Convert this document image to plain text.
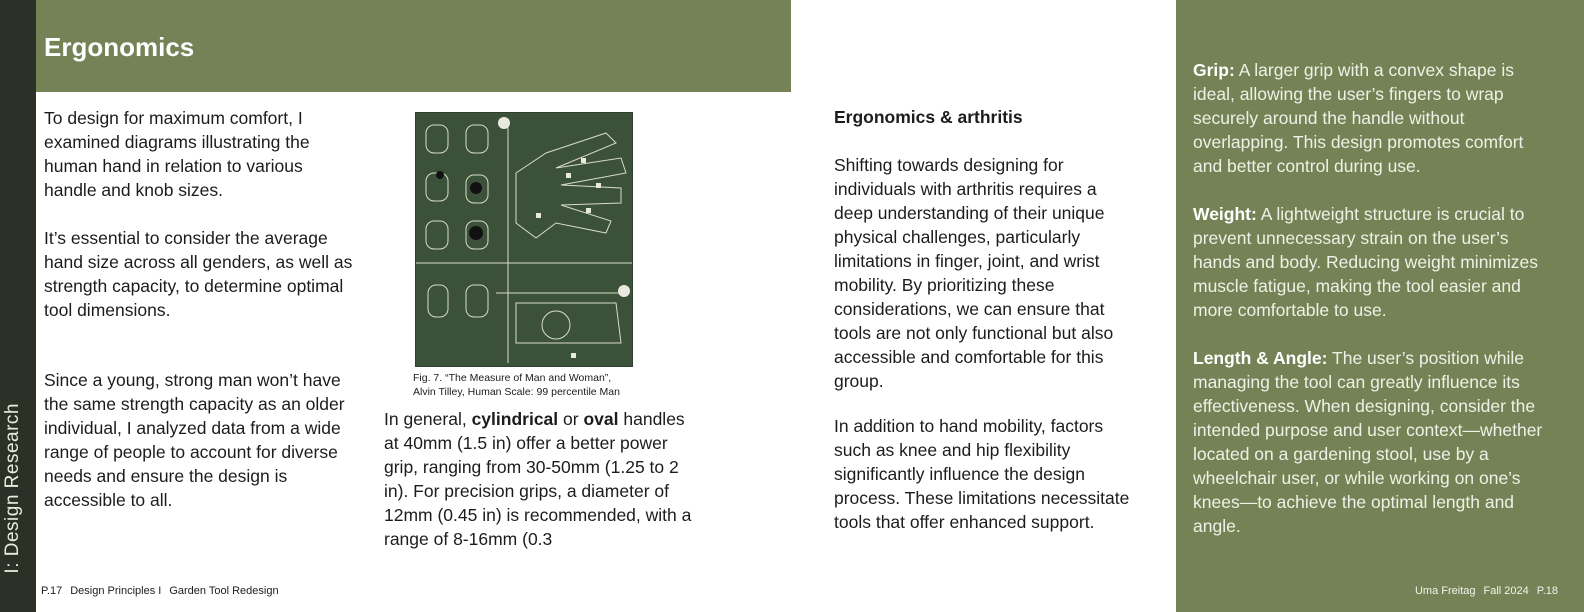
I: Design Research
Ergonomics
To design for maximum comfort, I examined diagrams illustrating the human hand in relation to various handle and knob sizes.
It’s essential to consider the average hand size across all genders, as well as strength capacity, to determine optimal tool dimensions.
Since a young, strong man won’t have the same strength capacity as an older individual, I analyzed data from a wide range of people to account for diverse needs and ensure the design is accessible to all.
Fig. 7. “The Measure of Man and Woman”,
Alvin Tilley, Human Scale: 99 percentile Man
In general, cylindrical or oval handles at 40mm (1.5 in) offer a better power grip, ranging from 30-50mm (1.25 to 2 in). For precision grips, a diameter of 12mm (0.45 in) is recommended, with a range of 8-16mm (0.3
Ergonomics & arthritis
Shifting towards designing for individuals with arthritis requires a deep understanding of their unique physical challenges, particularly limitations in finger, joint, and wrist mobility. By prioritizing these considerations, we can ensure that tools are not only functional but also accessible and comfortable for this group.
In addition to hand mobility, factors such as knee and hip flexibility significantly influence the design process. These limitations necessitate tools that offer enhanced support.
Grip: A larger grip with a convex shape is ideal, allowing the user’s fingers to wrap securely around the handle without overlapping. This design promotes comfort and better control during use.
Weight: A lightweight structure is crucial to prevent unnecessary strain on the user’s hands and body. Reducing weight minimizes muscle fatigue, making the tool easier and more comfortable to use.
Length & Angle: The user’s position while managing the tool can greatly influence its effectiveness. When designing, consider the intended purpose and user context—whether located on a gardening stool, use by a wheelchair user, or while working on one’s knees—to achieve the optimal length and angle.
Uma Freitag Fall 2024 P.18
P.17 Design Principles I Garden Tool Redesign
